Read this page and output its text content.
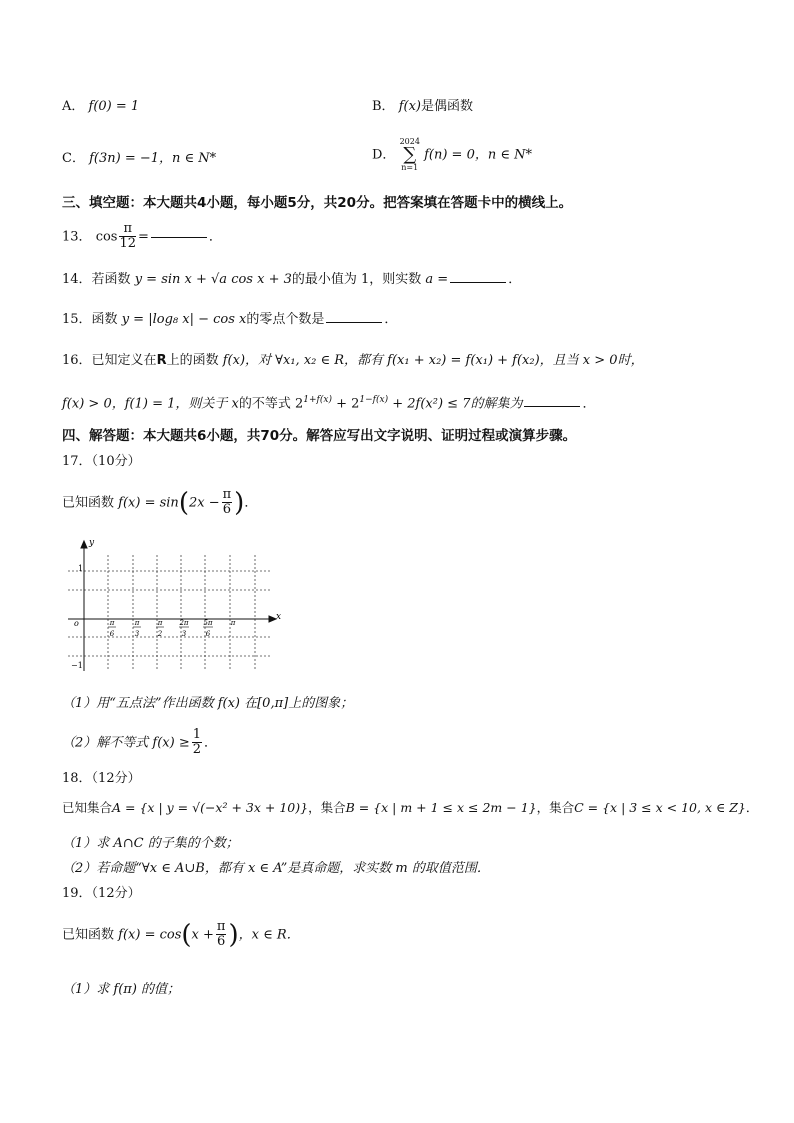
A． f(0) = 1	B． f(x)是偶函数
C． f(3n) = −1，n ∈ N*	D．
2024
∑
n=1
f(n) = 0，n ∈ N*
三、填空题：本大题共4小题，每小题5分，共20分。把答案填在答题卡中的横线上。
13． $\cos \frac{\pi}{12}$ =	．
14．若函数 y = sin x + √a cos x + 3的最小值为 1，则实数 a =	．
15．函数 y = |log₈ x| − cos x的零点个数是	．
16．已知定义在R上的函数 f(x)，对 ∀x₁, x₂ ∈ R，都有 f(x₁ + x₂) = f(x₁) + f(x₂)，且当 x > 0时，
f(x) > 0，f(1) = 1，则关于 x的不等式 $2^{1+f(x)} + 2^{1-f(x)} + 2f(x^2) \le 7$的解集为	．
四、解答题：本大题共6小题，共70分。解答应写出文字说明、证明过程或演算步骤。
17．（10分）
已知函数 $f(x) = \sin(2x - \frac{\pi}{6}$ )．
y
x
o
1
−1
π
6
π
3
π
2
2π
3
5π
6
π
（1）用“五点法”作出函数 f(x) 在[0,π]上的图象；
（2）解不等式 $f(x) \ge \frac{1}{2}$ ．
18．（12分）
已知集合A = {x | y = √(−x² + 3x + 10)}，集合B = {x | m + 1 ≤ x ≤ 2m − 1}，集合C = {x | 3 ≤ x < 10, x ∈ Z}．
（1）求 A∩C 的子集的个数；
（2）若命题“∀x ∈ A∪B，都有 x ∈ A”是真命题，求实数 m 的取值范围．
19．（12分）
已知函数 $f(x) = \cos(x + \frac{\pi}{6}$ )，x ∈ R．
（1）求 f(π) 的值；
